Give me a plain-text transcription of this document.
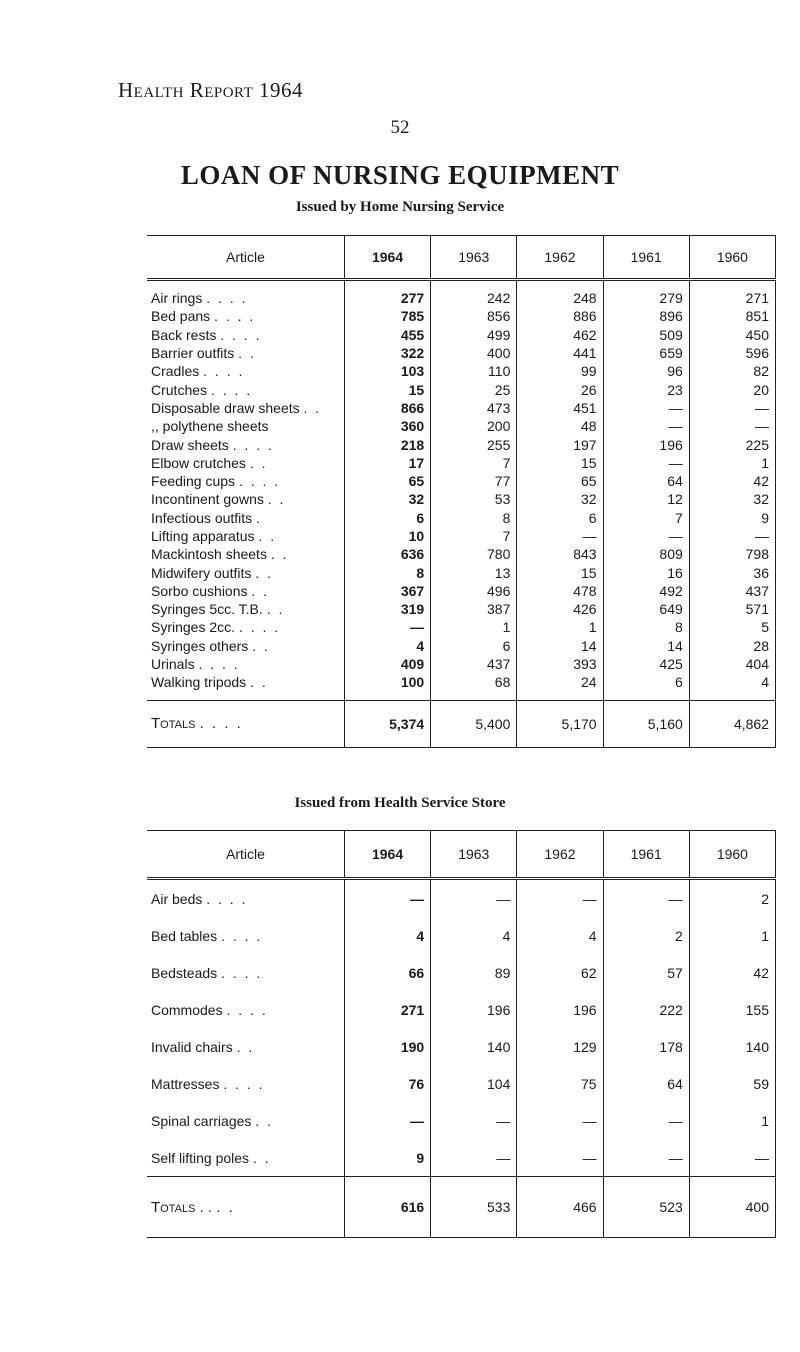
Health Report 1964
52
LOAN OF NURSING EQUIPMENT
Issued by Home Nursing Service
Article	1964	1963	1962	1961	1960
Air rings . . . .	277	242	248	279	271
Bed pans . . . .	785	856	886	896	851
Back rests . . . .	455	499	462	509	450
Barrier outfits . .	322	400	441	659	596
Cradles . . . .	103	110	99	96	82
Crutches . . . .	15	25	26	23	20
Disposable draw sheets . .	866	473	451	—	—
,, polythene sheets	360	200	48	—	—
Draw sheets . . . .	218	255	197	196	225
Elbow crutches . .	17	7	15	—	1
Feeding cups . . . .	65	77	65	64	42
Incontinent gowns . .	32	53	32	12	32
Infectious outfits .	6	8	6	7	9
Lifting apparatus . .	10	7	—	—	—
Mackintosh sheets . .	636	780	843	809	798
Midwifery outfits . .	8	13	15	16	36
Sorbo cushions . .	367	496	478	492	437
Syringes 5cc. T.B. . .	319	387	426	649	571
Syringes 2cc. . . . .	—	1	1	8	5
Syringes others . .	4	6	14	14	28
Urinals . . . .	409	437	393	425	404
Walking tripods . .	100	68	24	6	4
Totals . . . .	5,374	5,400	5,170	5,160	4,862
Issued from Health Service Store
Article	1964	1963	1962	1961	1960
Air beds . . . .	—	—	—	—	2
Bed tables . . . .	4	4	4	2	1
Bedsteads . . . .	66	89	62	57	42
Commodes . . . .	271	196	196	222	155
Invalid chairs . .	190	140	129	178	140
Mattresses . . . .	76	104	75	64	59
Spinal carriages . .	—	—	—	—	1
Self lifting poles . .	9	—	—	—	—
Totals . . . .	616	533	466	523	400
